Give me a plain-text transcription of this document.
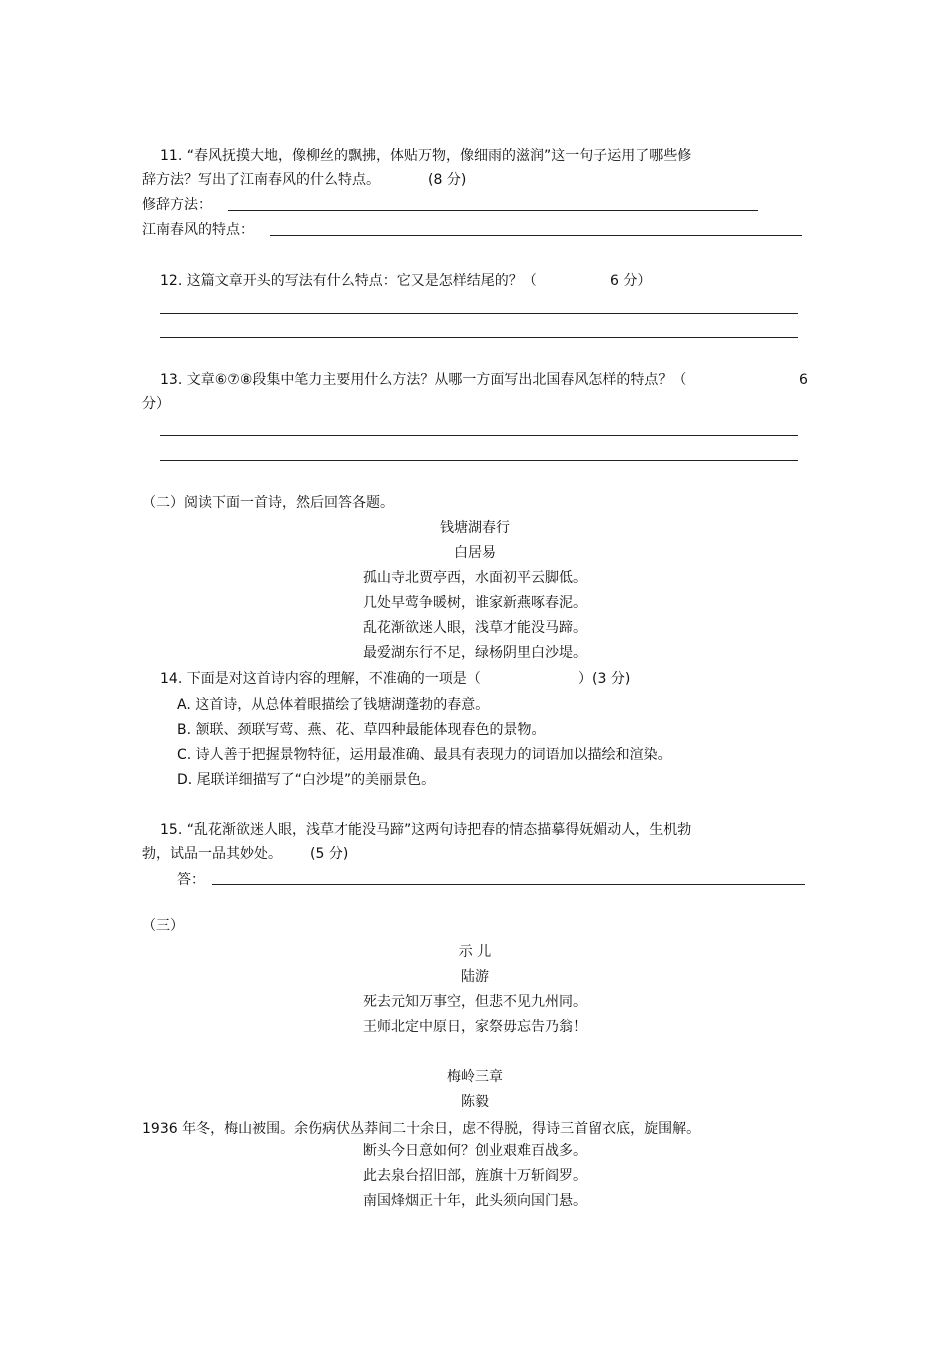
11. “春风抚摸大地，像柳丝的飘拂，体贴万物，像细雨的滋润”这一句子运用了哪些修
辞方法？写出了江南春风的什么特点。	(8 分)
修辞方法：
江南春风的特点：
12. 这篇文章开头的写法有什么特点：它又是怎样结尾的？（	6 分）
13. 文章⑥⑦⑧段集中笔力主要用什么方法？从哪一方面写出北国春风怎样的特点？（	6
分）
（二）阅读下面一首诗，然后回答各题。
钱塘湖春行
白居易
孤山寺北贾亭西，水面初平云脚低。
几处早莺争暖树，谁家新燕啄春泥。
乱花渐欲迷人眼，浅草才能没马蹄。
最爱湖东行不足，绿杨阴里白沙堤。
14. 下面是对这首诗内容的理解，不准确的一项是（	）(3 分)
A. 这首诗，从总体着眼描绘了钱塘湖蓬勃的春意。
B. 颔联、颈联写莺、燕、花、草四种最能体现春色的景物。
C. 诗人善于把握景物特征，运用最准确、最具有表现力的词语加以描绘和渲染。
D. 尾联详细描写了“白沙堤”的美丽景色。
15. “乱花渐欲迷人眼，浅草才能没马蹄”这两句诗把春的情态描摹得妩媚动人，生机勃
勃，试品一品其妙处。 (5 分)
答：
（三）
示 儿
陆游
死去元知万事空，但悲不见九州同。
王师北定中原日，家祭毋忘告乃翁！
梅岭三章
陈毅
1936 年冬，梅山被围。余伤病伏丛莽间二十余日，虑不得脱，得诗三首留衣底，旋围解。
断头今日意如何？创业艰难百战多。
此去泉台招旧部，旌旗十万斩阎罗。
南国烽烟正十年，此头须向国门悬。
